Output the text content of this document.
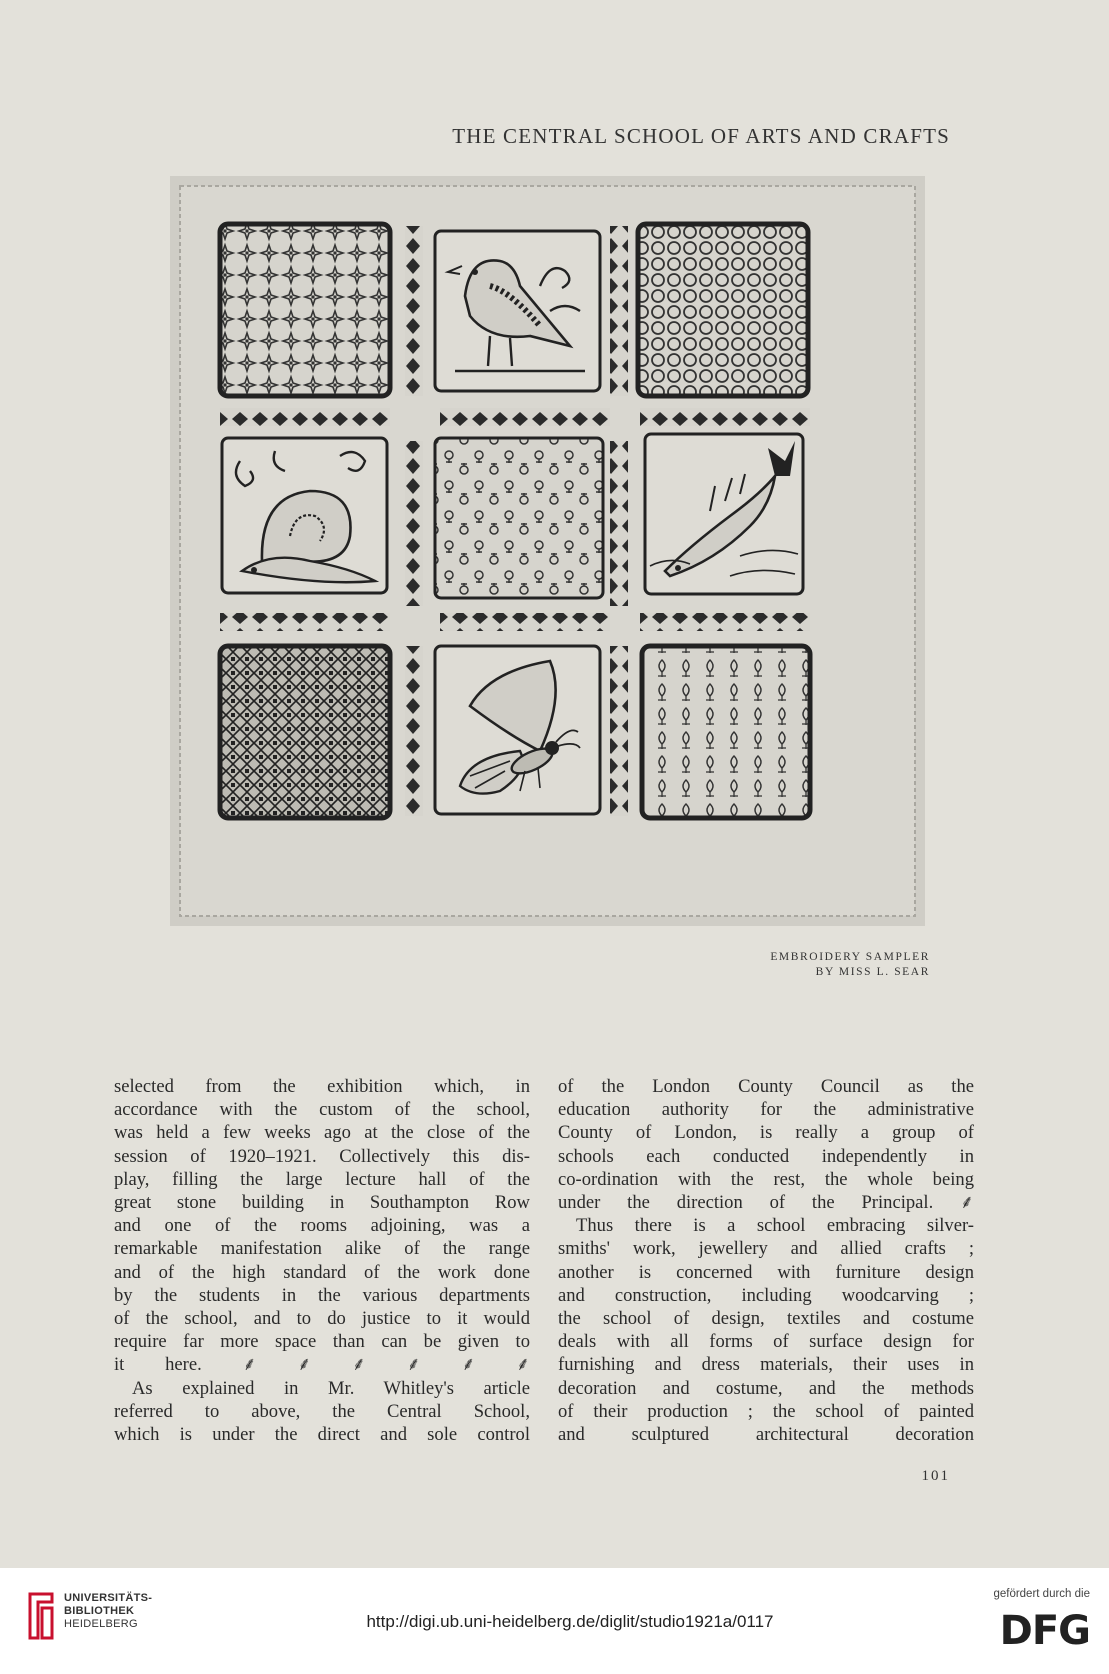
THE CENTRAL SCHOOL OF ARTS AND CRAFTS
EMBROIDERY SAMPLER
BY MISS L. SEAR
selected from the exhibition which, in
accordance with the custom of the school,
was held a few weeks ago at the close of the
session of 1920–1921. Collectively this dis-
play, filling the large lecture hall of the
great stone building in Southampton Row
and one of the rooms adjoining, was a
remarkable manifestation alike of the range
and of the high standard of the work done
by the students in the various departments
of the school, and to do justice to it would
require far more space than can be given to
it here. ⸙ ⸙ ⸙ ⸙ ⸙ ⸙
As explained in Mr. Whitley's article
referred to above, the Central School,
which is under the direct and sole control
of the London County Council as the
education authority for the administrative
County of London, is really a group of
schools each conducted independently in
co-ordination with the rest, the whole being
under the direction of the Principal. ⸙
Thus there is a school embracing silver-
smiths' work, jewellery and allied crafts ;
another is concerned with furniture design
and construction, including woodcarving ;
the school of design, textiles and costume
deals with all forms of surface design for
furnishing and dress materials, their uses in
decoration and costume, and the methods
of their production ; the school of painted
and sculptured architectural decoration
101
UNIVERSITÄTS-
BIBLIOTHEK
HEIDELBERG	http://digi.ub.uni-heidelberg.de/diglit/studio1921a/0117
gefördert durch die
DFG
